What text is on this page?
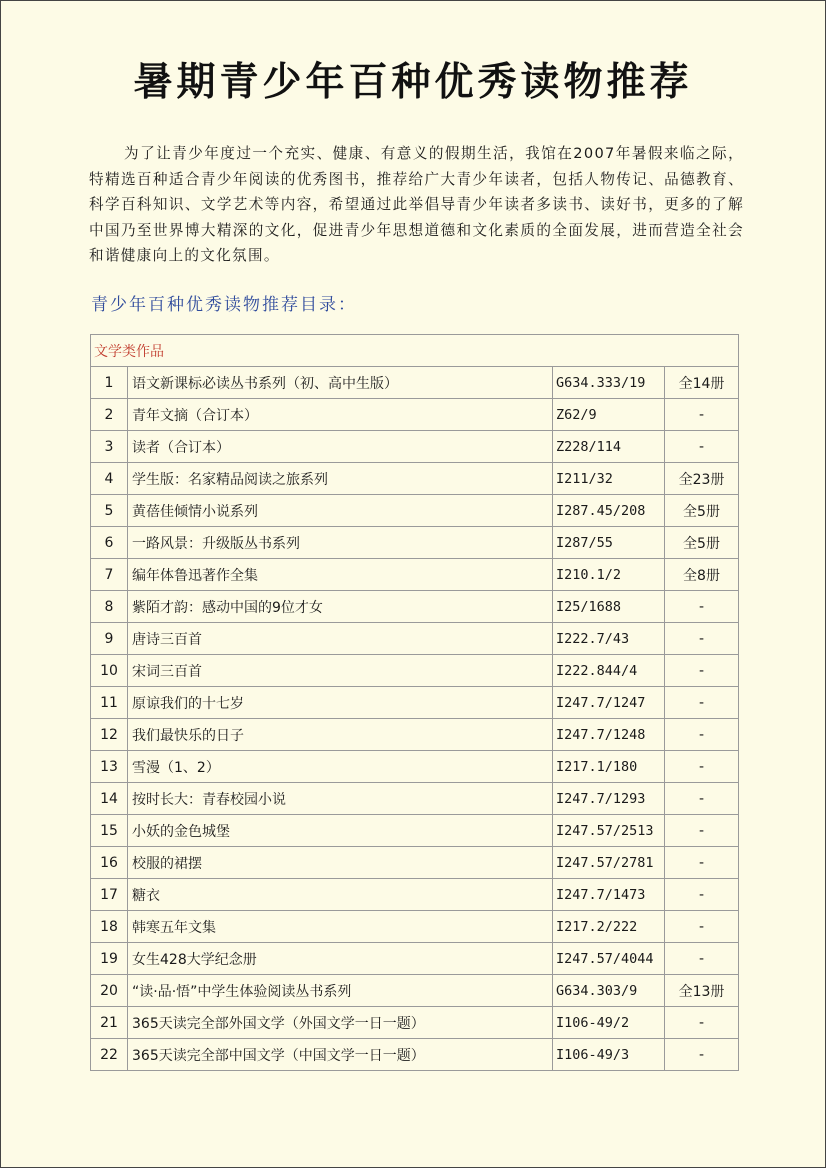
暑期青少年百种优秀读物推荐

为了让青少年度过一个充实、健康、有意义的假期生活，我馆在2007年暑假来临之际，特精选百种适合青少年阅读的优秀图书，推荐给广大青少年读者，包括人物传记、品德教育、科学百科知识、文学艺术等内容，希望通过此举倡导青少年读者多读书、读好书，更多的了解中国乃至世界博大精深的文化，促进青少年思想道德和文化素质的全面发展，进而营造全社会和谐健康向上的文化氛围。

青少年百种优秀读物推荐目录：
文学类作品			
1	语文新课标必读丛书系列（初、高中生版）	G634.333/19	全14册
2	青年文摘（合订本）	Z62/9	-
3	读者（合订本）	Z228/114	-
4	学生版：名家精品阅读之旅系列	I211/32	全23册
5	黄蓓佳倾情小说系列	I287.45/208	全5册
6	一路风景：升级版丛书系列	I287/55	全5册
7	编年体鲁迅著作全集	I210.1/2	全8册
8	紫陌才韵：感动中国的9位才女	I25/1688	-
9	唐诗三百首	I222.7/43	-
10	宋词三百首	I222.844/4	-
11	原谅我们的十七岁	I247.7/1247	-
12	我们最快乐的日子	I247.7/1248	-
13	雪漫（1、2）	I217.1/180	-
14	按时长大：青春校园小说	I247.7/1293	-
15	小妖的金色城堡	I247.57/2513	-
16	校服的裙摆	I247.57/2781	-
17	糖衣	I247.7/1473	-
18	韩寒五年文集	I217.2/222	-
19	女生428大学纪念册	I247.57/4044	-
20	“读·品·悟”中学生体验阅读丛书系列	G634.303/9	全13册
21	365天读完全部外国文学（外国文学一日一题）	I106-49/2	-
22	365天读完全部中国文学（中国文学一日一题）	I106-49/3	-
